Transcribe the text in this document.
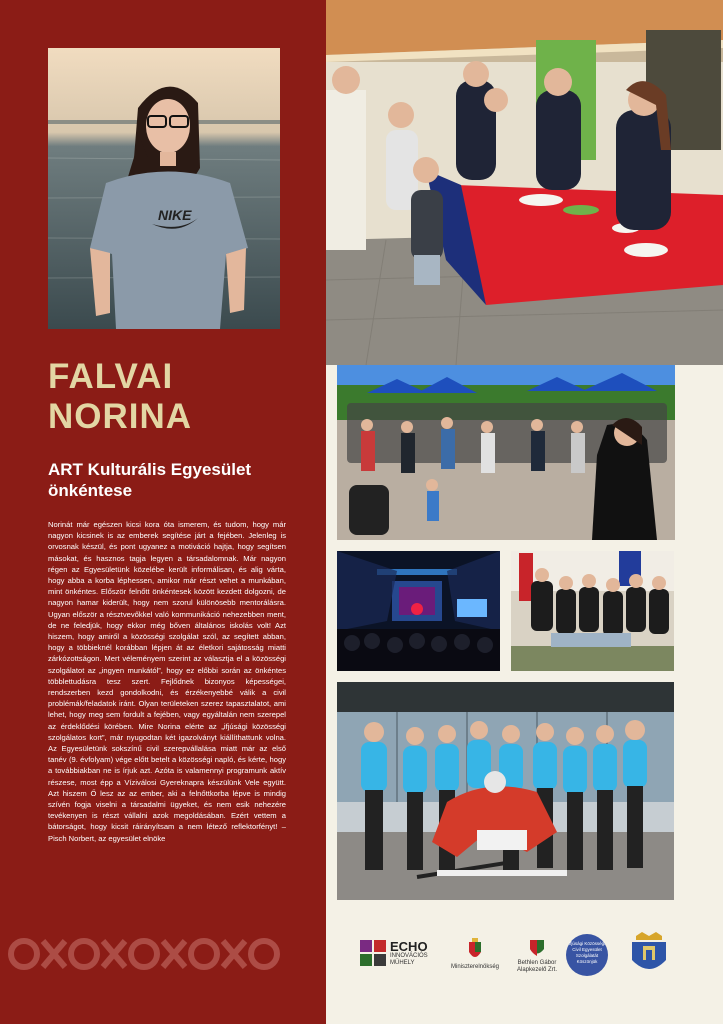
NIKE
FALVAI
NORINA
ART Kulturális Egyesület
önkéntese

Norinát már egészen kicsi kora óta ismerem, és tudom, hogy már nagyon kicsinek is az emberek segítése járt a fejében. Jelenleg is orvosnak készül, és pont ugyanez a motiváció hajtja, hogy segítsen másokat, és hasznos tagja legyen a társadalomnak. Már nagyon régen az Egyesületünk közelébe került informálisan, és alig várta, hogy abba a korba léphessen, amikor már részt vehet a munkában, mint önkéntes. Először felnőtt önkéntesek között kezdett dolgozni, de nagyon hamar kiderült, hogy nem szorul különösebb mentorálásra. Ugyan először a résztvevőkkel való kommunikáció nehezebben ment, de ne feledjük, hogy ekkor még bőven általános iskolás volt! Azt hiszem, hogy amiről a közösségi szolgálat szól, az segített abban, hogy a többieknél korábban lépjen át az életkori sajátosság miatti zárkózottságon. Mert véleményem szerint az választja el a közösségi szolgálatot az „ingyen munkától”, hogy ez előbbi során az önkéntes többlettudásra tesz szert. Fejlődnek bizonyos képességei, rendszerben kezd gondolkodni, és érzékenyebbé válik a civil problémák/feladatok iránt. Olyan területeken szerez tapasztalatot, ami lehet, hogy meg sem fordult a fejében, vagy egyáltalán nem szerepel az érdeklődési körében. Mire Norina elérte az „ifjúsági közösségi szolgálatos kort”, már nyugodtan két igazolványt kiállíthattunk volna. Az Egyesületünk sokszínű civil szerepvállalása miatt már az első tanév (9. évfolyam) vége előtt betelt a közösségi napló, és kérte, hogy a továbbiakban ne is írjuk azt. Azóta is valamennyi programunk aktív részese, most épp a Víziválosi Gyereknapra készülünk Vele együtt. Azt hiszem Ő lesz az az ember, aki a felnőttkorba lépve is mindig szívén fogja viselni a társadalmi ügyeket, és nem esik nehezére tevékenyen is részt vállalni azok megoldásában. Ezért vettem a bátorságot, hogy kicsit ráirányítsam a nem létező reflektorfényt! – Pisch Norbert, az egyesület elnöke

ECHO
INNOVÁCIÓS
MŰHELY
Miniszterelnökség
Bethlen Gábor
Alapkezelő Zrt.
Ifjúsági Közösségi
Civil Egyesület
Szolgálatát
Köszönjük
